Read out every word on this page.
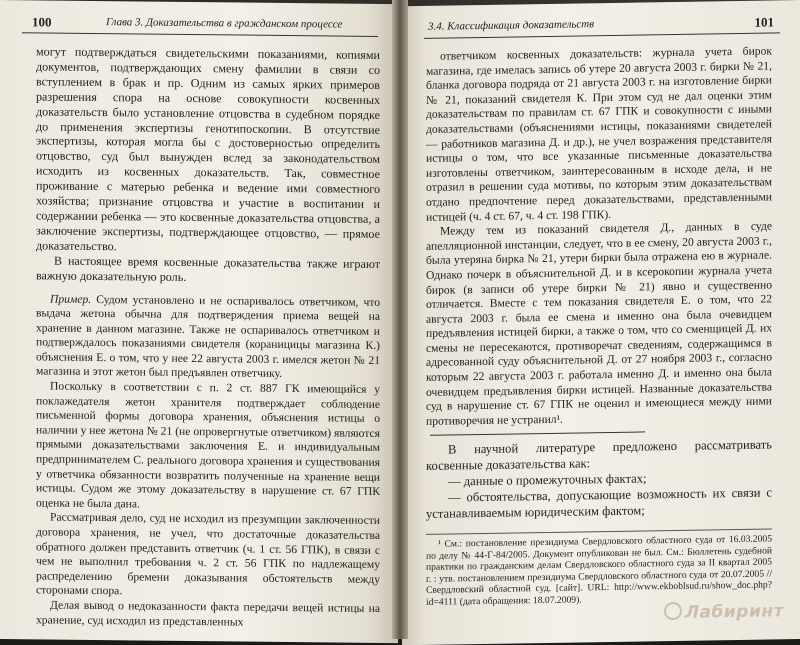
100	Глава 3. Доказательства в гражданском процессе

могут подтверждаться свидетельскими показаниями, копиями документов, подтверждающих смену фамилии в связи со вступлением в брак и пр. Одним из самых ярких примеров разрешения спора на основе совокупности косвенных доказательств было установление отцовства в судебном порядке до применения экспертизы генотипоскопии. В отсутствие экспертизы, которая могла бы с достоверностью определить отцовство, суд был вынужден вслед за законодательством исходить из косвенных доказательств. Так, совместное проживание с матерью ребенка и ведение ими совместного хозяйства; признание отцовства и участие в воспитании и содержании ребенка — это косвенные доказательства отцовства, а заключение экспертизы, подтверждающее отцовство, — прямое доказательство.

В настоящее время косвенные доказательства также играют важную доказательную роль.

Пример. Судом установлено и не оспаривалось ответчиком, что выдача жетона обычна для подтверждения приема вещей на хранение в данном магазине. Также не оспаривалось ответчиком и подтверждалось показаниями свидетеля (кораницицы магазина К.) объяснения Е. о том, что у нее 22 августа 2003 г. имелся жетон № 21 магазина и этот жетон был предъявлен ответчику.

Поскольку в соответствии с п. 2 ст. 887 ГК имеющийся у поклажедателя жетон хранителя подтверждает соблюдение письменной формы договора хранения, объяснения истицы о наличии у нее жетона № 21 (не опровергнутые ответчиком) являются прямыми доказательствами заключения Е. и индивидуальным предпринимателем С. реального договора хранения и существования у ответчика обязанности возвратить полученные на хранение вещи истицы. Судом же этому доказательству в нарушение ст. 67 ГПК оценка не была дана.

Рассматривая дело, суд не исходил из презумпции заключенности договора хранения, не учел, что достаточные доказательства обратного должен представить ответчик (ч. 1 ст. 56 ГПК), в связи с чем не выполнил требования ч. 2 ст. 56 ГПК по надлежащему распределению бремени доказывания обстоятельств между сторонами спора.

Делая вывод о недоказанности факта передачи вещей истицы на хранение, суд исходил из представленных

3.4. Классификация доказательств	101

ответчиком косвенных доказательств: журнала учета бирок магазина, где имелась запись об утере 20 августа 2003 г. бирки № 21, бланка договора подряда от 21 августа 2003 г. на изготовление бирки № 21, показаний свидетеля К. При этом суд не дал оценки этим доказательствам по правилам ст. 67 ГПК и совокупности с иными доказательствами (объяснениями истицы, показаниями свидетелей — работников магазина Д. и др.), не учел возражения представителя истицы о том, что все указанные письменные доказательства изготовлены ответчиком, заинтересованным в исходе дела, и не отразил в решении суда мотивы, по которым этим доказательствам отдано предпочтение перед доказательствами, представленными истицей (ч. 4 ст. 67, ч. 4 ст. 198 ГПК).

Между тем из показаний свидетеля Д., данных в суде апелляционной инстанции, следует, что в ее смену, 20 августа 2003 г., была утеряна бирка № 21, утери бирки была отражена ею в журнале. Однако почерк в объяснительной Д. и в ксерокопии журнала учета бирок (в записи об утере бирки № 21) явно и существенно отличается. Вместе с тем показания свидетеля Е. о том, что 22 августа 2003 г. была ее смена и именно она была очевидцем предъявления истицей бирки, а также о том, что со сменщицей Д. их смены не пересекаются, противоречат сведениям, содержащимся в адресованной суду объяснительной Д. от 27 ноября 2003 г., согласно которым 22 августа 2003 г. работала именно Д. и именно она была очевидцем предъявления бирки истицей. Названные доказательства суд в нарушение ст. 67 ГПК не оценил и имеющиеся между ними противоречия не устранил¹.

В научной литературе предложено рассматривать косвенные доказательства как:

— данные о промежуточных фактах;

— обстоятельства, допускающие возможность их связи с устанавливаемым юридическим фактом;

¹ См.: постановление президиума Свердловского областного суда от 16.03.2005 по делу № 44-Г-84/2005. Документ опубликован не был. См.: Бюллетень судебной практики по гражданским делам Свердловского областного суда за II квартал 2005 г. : утв. постановлением президиума Свердловского областного суда от 20.07.2005 // Свердловский областной суд. [сайт]. URL: http://www.ekboblsud.ru/show_doc.php?id=4111 (дата обращения: 18.07.2009).
Лабиринт
